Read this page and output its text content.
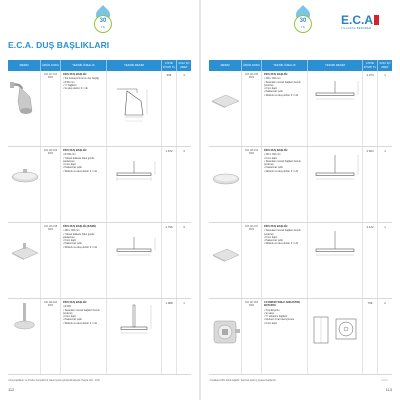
30
YIL
E.C.A. DUŞ BAŞLIKLARI
RESİM	ÜRÜN KODU	TEKNİK ÖZELLİK	TEKNİK RESİM	LİSTE FİYATI TL
KOLİ İÇİ ADET
102 117 101
FİKS
FİKS DUŞ BAŞLIĞI
• Tek fonksiyonlu krom duş başlığı
• Ø 85 mm
• ½" bağlantı
• Su akış debisi: 9 l / dk
396	4
102 116 219
FİKS
FİKS DUŞ BAŞLIĞI
• Ø 300 mm
• Yüksek kalitede bakır gövde
paslanmaz
• Krom kaplı
• Paslanmaz çelik
• Silikonlu su akış debisi: 9 l / dk
1.672	3
102 116 218
FİKS
FİKS DUŞ BAŞLIĞI (KARE)
• 300 x 300 mm
• Yüksek kalitede bakır gövde
paslanmaz
• Krom kaplı
• Paslanmaz çelik
• Silikonlu su akış debisi: 9 l / dk
1.796	3
102 116 118
FİKS
FİKS DUŞ BAŞLIĞI
• Ø 200
• Tavandan monteli bağlantı borulu
(uzatma)
• Krom kaplı
• Paslanmaz çelik
• Silikonlu su akış debisi: 9 l / dk
1.088	1
• Duş başlıkları ve ürünler kompakt bir paket içinde gönderilmektedir. (Sayfa 102 - 103)
112
30
YIL
RESİM	ÜRÜN KODU	TEKNİK ÖZELLİK	TEKNİK RESİM	LİSTE FİYATI TL
KOLİ İÇİ ADET
102 116 215
FİKS
FİKS DUŞ BAŞLIĞI
• 300 x 300 mm
• Tavandan monteli bağlantı borulu
(uzatma)
• Krom kaplı
• Paslanmaz çelik
• Silikonlu su akış debisi: 9 l / dk
2.374	1
102 116 214
FİKS
FİKS DUŞ BAŞLIĞI
• 300 x 300 mm
• Krom kaplı
• Tavandan monteli bağlantı borulu
(uzatma)
• Paslanmaz çelik
• Silikonlu su akış debisi: 9 l / dk
2.604	1
102 116 217
FİKS
FİKS DUŞ BAŞLIĞI
• Tavandan monteli bağlantı borulu
(uzatma)
• Krom kaplı
• Paslanmaz çelik
• Silikonlu su akış debisi: 9 l / dk
2.122	1
102 117 203
FİKS
3 FONKSİYONLU ANKASTRE BATARYA
• 3 fonksiyonlu
• Su akışı
• ½" ankastre bağlantı
• Merkezi 3 bar basınçla test
• Krom kaplı
799	2
• Fiyatlara KDV dahil değildir. Teslimat şekli iç piyasa fiyatlarıdır.	2017/1
113
E.C.A
YILLARCA BERABER
